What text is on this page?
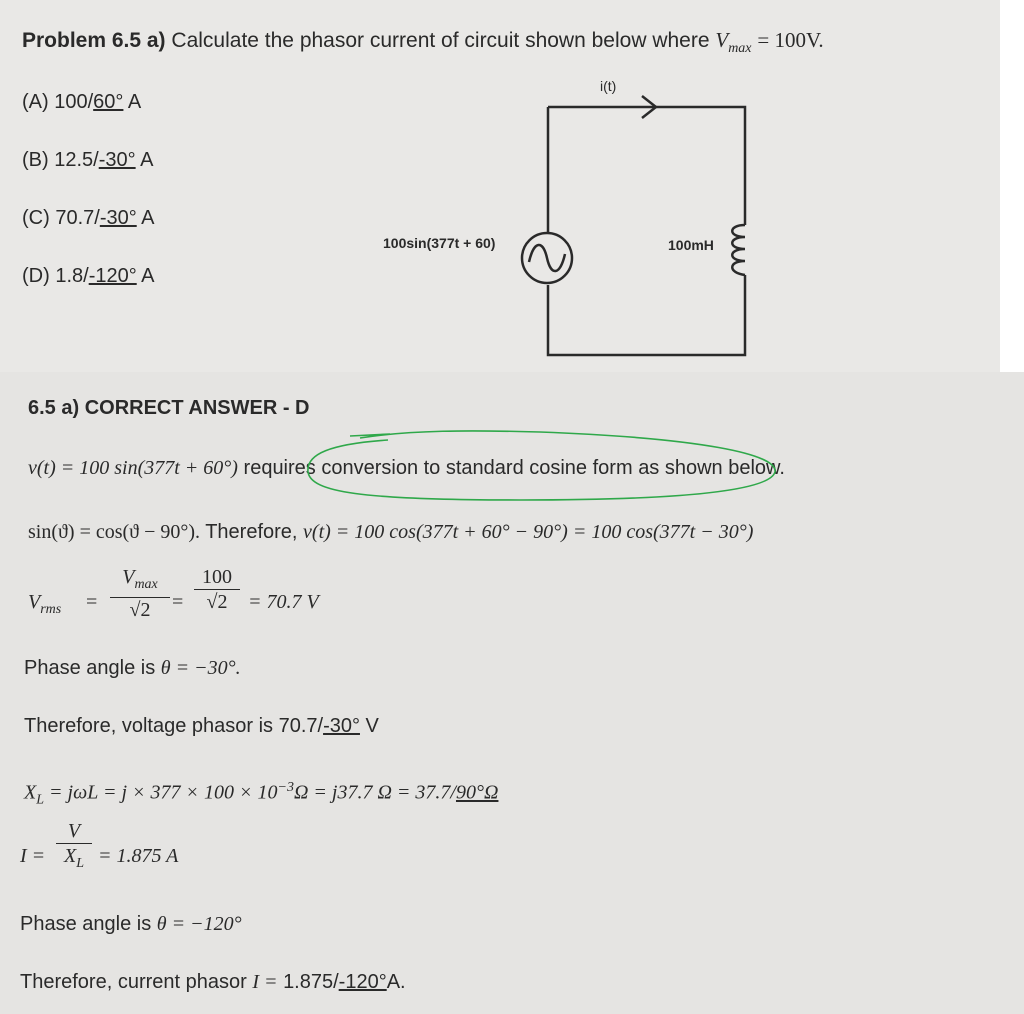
Problem 6.5 a) Calculate the phasor current of circuit shown below where $V_{max} = 100V$.
(A) 100/60° A
(B) 12.5/-30° A
(C) 70.7/-30° A
(D) 1.8/-120° A
i(t)
100sin(377t + 60)	100mH
6.5 a) CORRECT ANSWER - D
v(t) = 100 sin(377t + 60°) requires conversion to standard cosine form as shown below.
sin(ϑ) = cos(ϑ − 90°). Therefore, v(t) = 100 cos(377t + 60° − 90°) = 100 cos(377t − 30°)
$V_{rms}$ =
$V_{max}$
√2	=
100
√2	= 70.7 V
Phase angle is θ = −30°.
Therefore, voltage phasor is 70.7/-30° V
$X_L = j\omega L = j \times 377 \times 100 \times 10^{-3}\Omega = j37.7$ Ω = 37.7/90°Ω
I =
V
$X_L = 1.875$ A
Phase angle is θ = −120°
Therefore, current phasor I = 1.875/-120°A.
